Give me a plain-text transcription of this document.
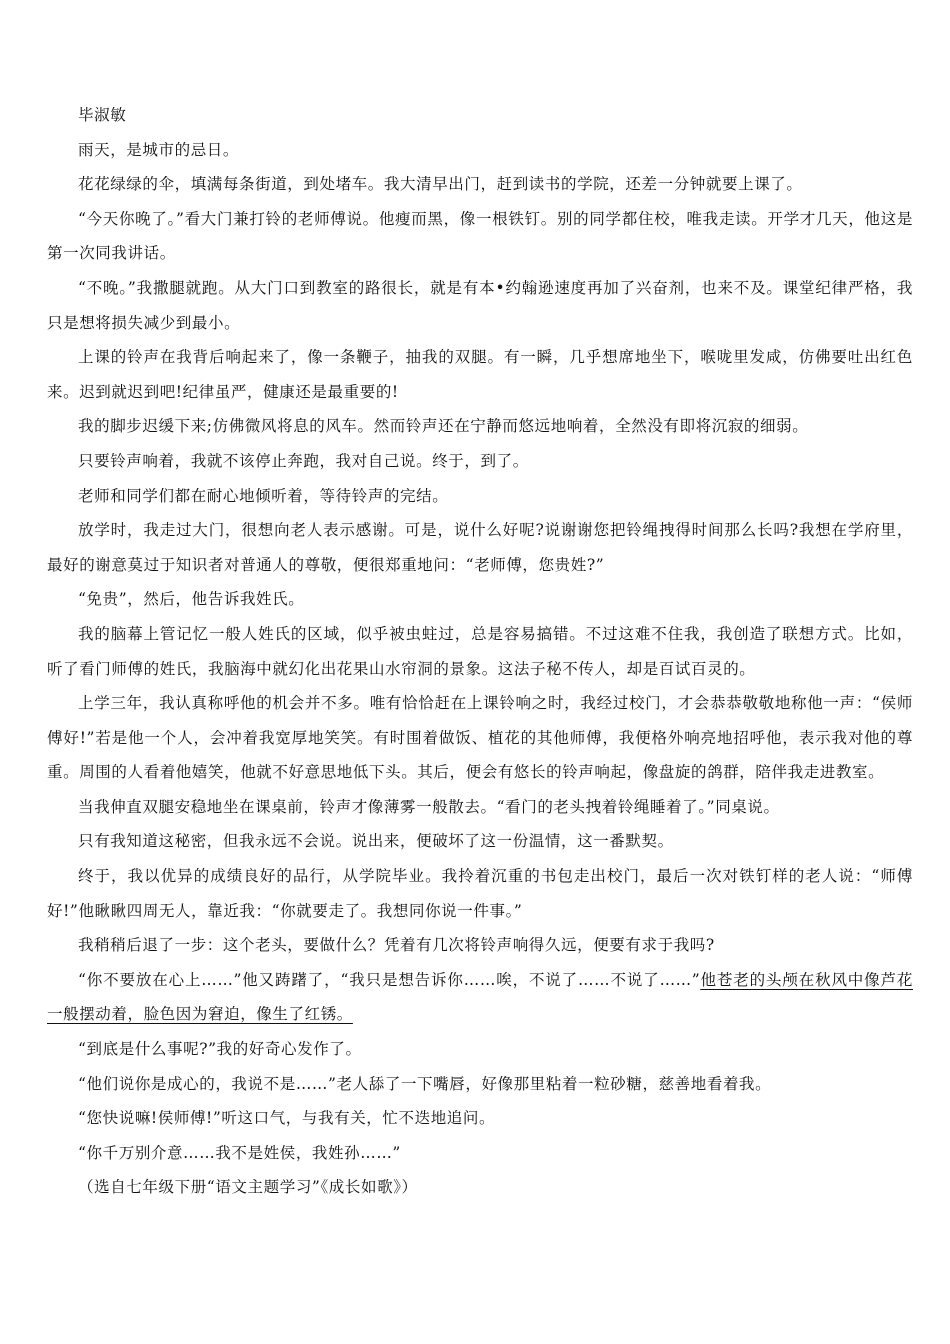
毕淑敏

雨天，是城市的忌日。

花花绿绿的伞，填满每条街道，到处堵车。我大清早出门，赶到读书的学院，还差一分钟就要上课了。

“今天你晚了。”看大门兼打铃的老师傅说。他瘦而黑，像一根铁钉。别的同学都住校，唯我走读。开学才几天，他这是第一次同我讲话。

“不晚。”我撒腿就跑。从大门口到教室的路很长，就是有本•约翰逊速度再加了兴奋剂，也来不及。课堂纪律严格，我只是想将损失减少到最小。

上课的铃声在我背后响起来了，像一条鞭子，抽我的双腿。有一瞬，几乎想席地坐下，喉咙里发咸，仿佛要吐出红色来。迟到就迟到吧!纪律虽严，健康还是最重要的!

我的脚步迟缓下来;仿佛微风将息的风车。然而铃声还在宁静而悠远地响着，全然没有即将沉寂的细弱。

只要铃声响着，我就不该停止奔跑，我对自己说。终于，到了。

老师和同学们都在耐心地倾听着，等待铃声的完结。

放学时，我走过大门，很想向老人表示感谢。可是，说什么好呢?说谢谢您把铃绳拽得时间那么长吗?我想在学府里，最好的谢意莫过于知识者对普通人的尊敬，便很郑重地问：“老师傅，您贵姓?”

“免贵”，然后，他告诉我姓氏。

我的脑幕上管记忆一般人姓氏的区域，似乎被虫蛀过，总是容易搞错。不过这难不住我，我创造了联想方式。比如，听了看门师傅的姓氏，我脑海中就幻化出花果山水帘洞的景象。这法子秘不传人，却是百试百灵的。

上学三年，我认真称呼他的机会并不多。唯有恰恰赶在上课铃响之时，我经过校门，才会恭恭敬敬地称他一声：“侯师傅好!”若是他一个人，会冲着我宽厚地笑笑。有时围着做饭、植花的其他师傅，我便格外响亮地招呼他，表示我对他的尊重。周围的人看着他嬉笑，他就不好意思地低下头。其后，便会有悠长的铃声响起，像盘旋的鸽群，陪伴我走进教室。

当我伸直双腿安稳地坐在课桌前，铃声才像薄雾一般散去。“看门的老头拽着铃绳睡着了。”同桌说。

只有我知道这秘密，但我永远不会说。说出来，便破坏了这一份温情，这一番默契。

终于，我以优异的成绩良好的品行，从学院毕业。我拎着沉重的书包走出校门，最后一次对铁钉样的老人说：“师傅好!”他瞅瞅四周无人，靠近我：“你就要走了。我想同你说一件事。”

我稍稍后退了一步：这个老头，要做什么？凭着有几次将铃声响得久远，便要有求于我吗?

“你不要放在心上……”他又踌躇了，“我只是想告诉你……唉，不说了……不说了……”他苍老的头颅在秋风中像芦花一般摆动着，脸色因为窘迫，像生了红锈。

“到底是什么事呢?”我的好奇心发作了。

“他们说你是成心的，我说不是……”老人舔了一下嘴唇，好像那里粘着一粒砂糖，慈善地看着我。

“您快说嘛!侯师傅!”听这口气，与我有关，忙不迭地追问。

“你千万别介意……我不是姓侯，我姓孙……”

（选自七年级下册“语文主题学习”《成长如歌》）
